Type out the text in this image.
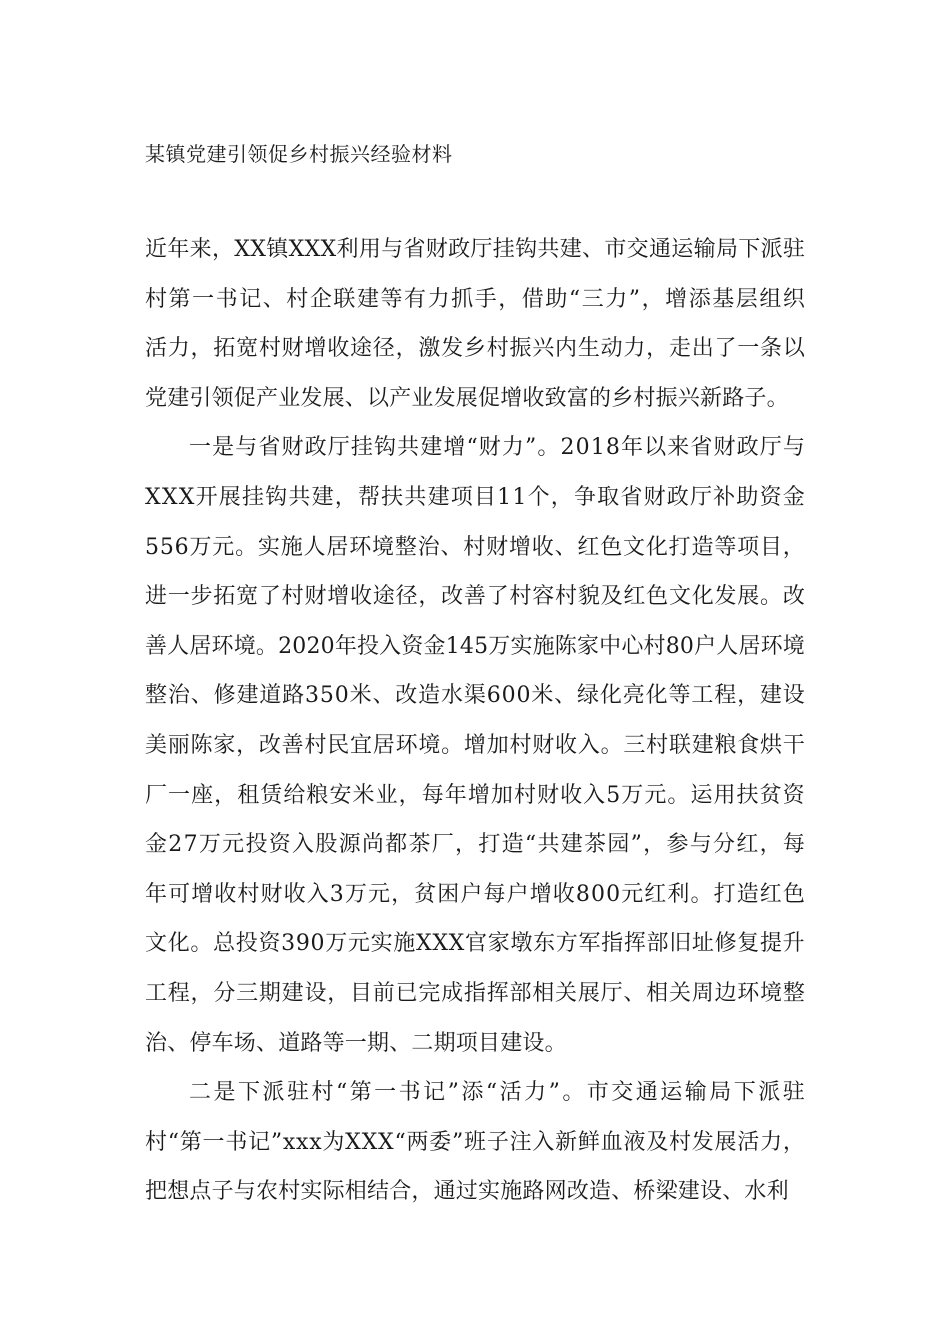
某镇党建引领促乡村振兴经验材料
近年来，XX镇XXX利用与省财政厅挂钩共建、市交通运输局下派驻
村第一书记、村企联建等有力抓手，借助“三力”，增添基层组织
活力，拓宽村财增收途径，激发乡村振兴内生动力，走出了一条以
党建引领促产业发展、以产业发展促增收致富的乡村振兴新路子。
一是与省财政厅挂钩共建增“财力”。2018年以来省财政厅与
XXX开展挂钩共建，帮扶共建项目11个，争取省财政厅补助资金
556万元。实施人居环境整治、村财增收、红色文化打造等项目，
进一步拓宽了村财增收途径，改善了村容村貌及红色文化发展。改
善人居环境。2020年投入资金145万实施陈家中心村80户人居环境
整治、修建道路350米、改造水渠600米、绿化亮化等工程，建设
美丽陈家，改善村民宜居环境。增加村财收入。三村联建粮食烘干
厂一座，租赁给粮安米业，每年增加村财收入5万元。运用扶贫资
金27万元投资入股源尚都茶厂，打造“共建茶园”，参与分红，每
年可增收村财收入3万元，贫困户每户增收800元红利。打造红色
文化。总投资390万元实施XXX官家墩东方军指挥部旧址修复提升
工程，分三期建设，目前已完成指挥部相关展厅、相关周边环境整
治、停车场、道路等一期、二期项目建设。
二是下派驻村“第一书记”添“活力”。市交通运输局下派驻
村“第一书记”xxx为XXX“两委”班子注入新鲜血液及村发展活力，
把想点子与农村实际相结合，通过实施路网改造、桥梁建设、水利
